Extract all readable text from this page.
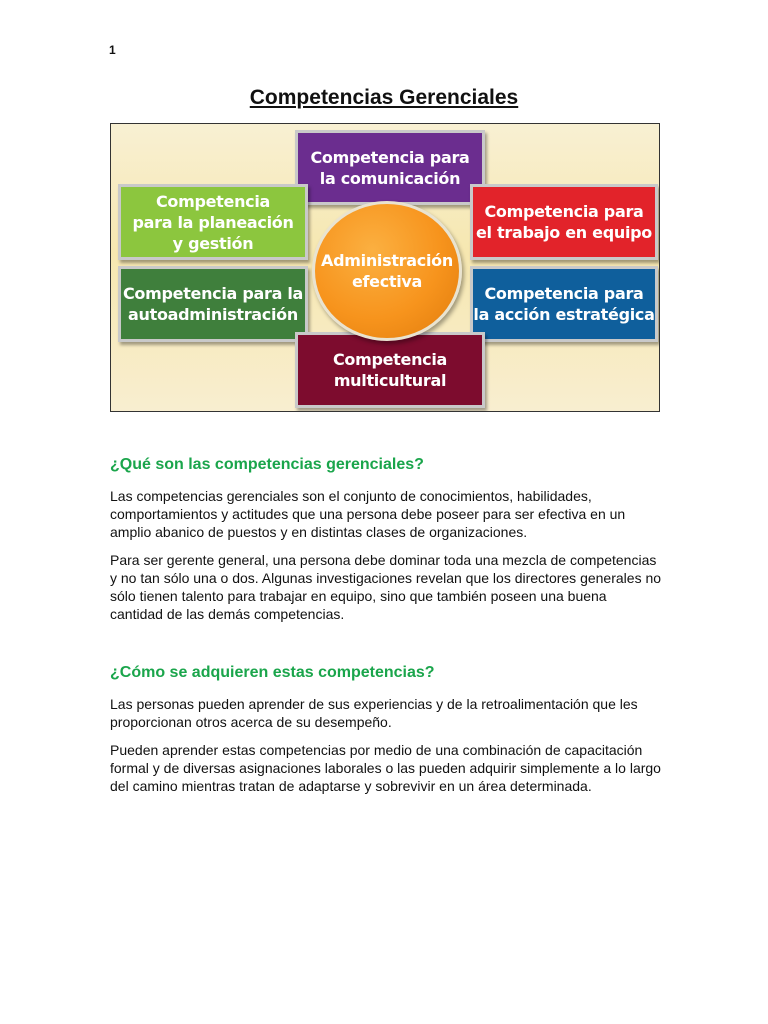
1
Competencias Gerenciales
Competencia para
la comunicación
Competencia
para la planeación
y gestión
Competencia para
el trabajo en equipo
Competencia para la
autoadministración
Competencia para
la acción estratégica
Competencia
multicultural
Administración
efectiva
¿Qué son las competencias gerenciales?

Las competencias gerenciales son el conjunto de conocimientos, habilidades, comportamientos y actitudes que una persona debe poseer para ser efectiva en un amplio abanico de puestos y en distintas clases de organizaciones.

Para ser gerente general, una persona debe dominar toda una mezcla de competencias y no tan sólo una o dos. Algunas investigaciones revelan que los directores generales no sólo tienen talento para trabajar en equipo, sino que también poseen una buena cantidad de las demás competencias.

¿Cómo se adquieren estas competencias?

Las personas pueden aprender de sus experiencias y de la retroalimentación que les proporcionan otros acerca de su desempeño.

Pueden aprender estas competencias por medio de una combinación de capacitación formal y de diversas asignaciones laborales o las pueden adquirir simplemente a lo largo del camino mientras tratan de adaptarse y sobrevivir en un área determinada.
